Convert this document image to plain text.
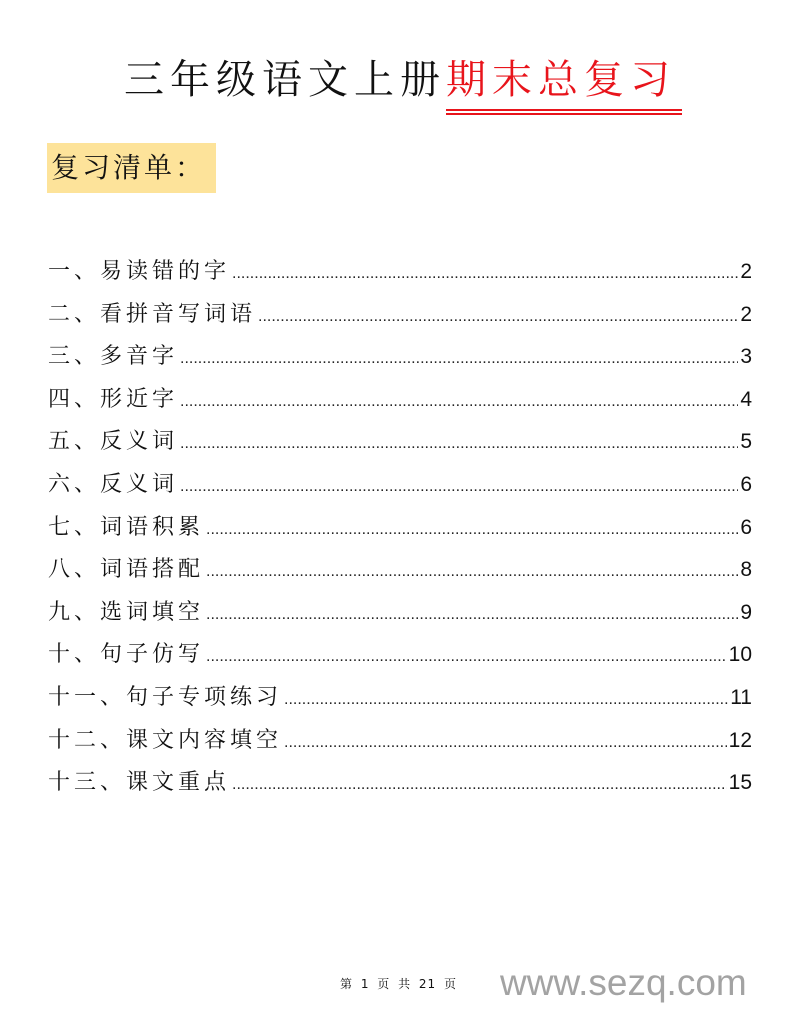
三年级语文上册期末总复习
复习清单：
一、易读错的字 .....	2
二、看拼音写词语 .....	2
三、多音字 .....	3
四、形近字 .....	4
五、反义词 .....	5
六、反义词 .....	6
七、词语积累 .....	6
八、词语搭配 .....	8
九、选词填空 .....	9
十、句子仿写 .....	10
十一、句子专项练习 .....	11
十二、课文内容填空 .....	12
十三、课文重点 .....	15
第 1 页 共 21 页 www.sezq.com
